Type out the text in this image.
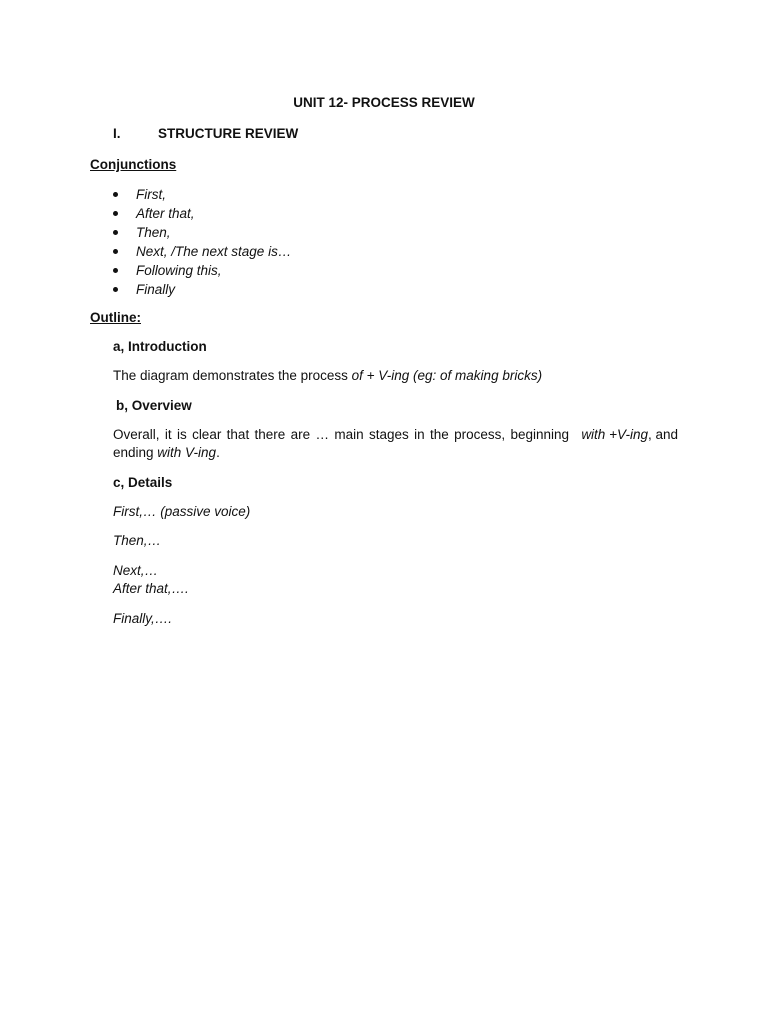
UNIT 12- PROCESS REVIEW
I.	STRUCTURE REVIEW
Conjunctions
First,
After that,
Then,
Next, /The next stage is…
Following this,
Finally
Outline:
a, Introduction
The diagram demonstrates the process of + V-ing (eg: of making bricks)
b, Overview
Overall, it is clear that there are … main stages in the process, beginning with +V-ing, and
ending with V-ing.
c, Details
First,… (passive voice)
Then,…
Next,…
After that,….
Finally,….
